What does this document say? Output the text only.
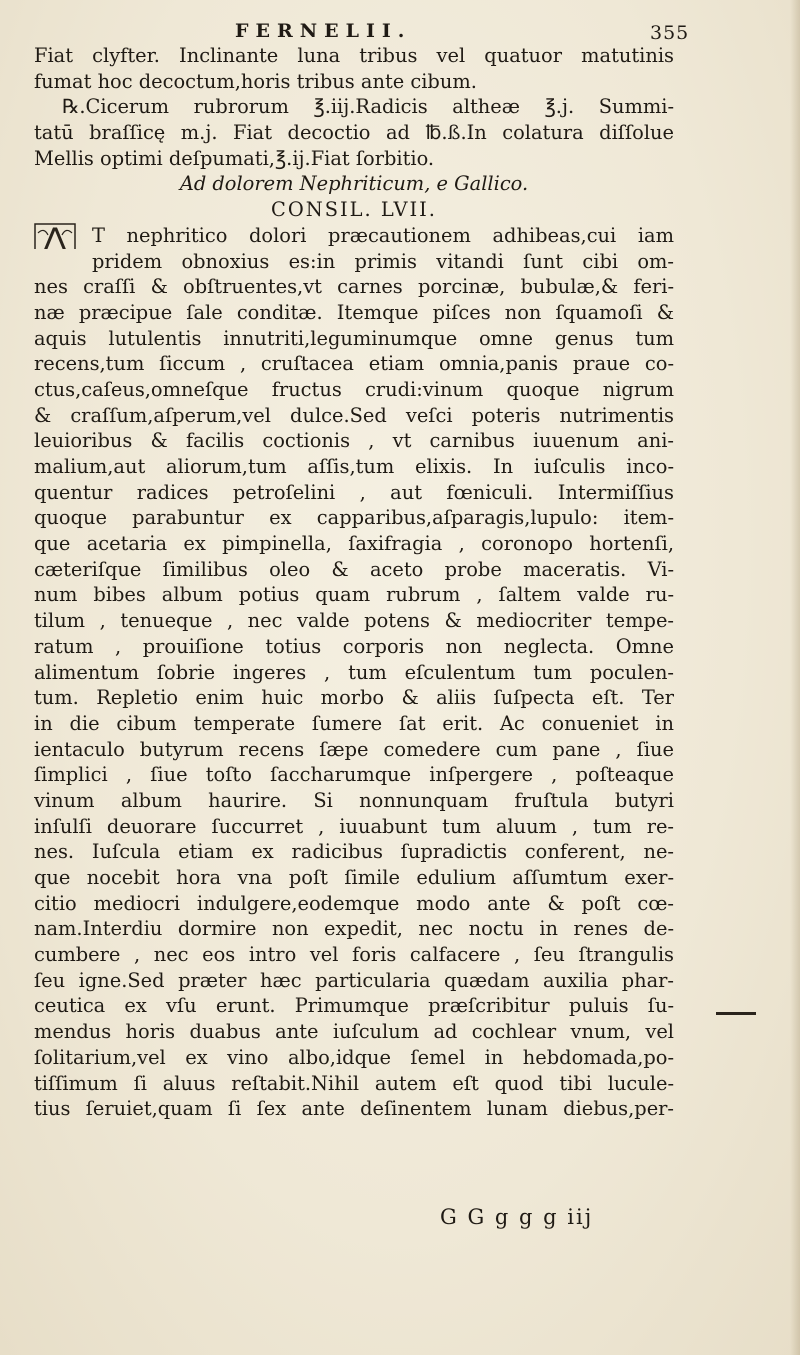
FERNELII.	355
Fiat clyfter. Inclinante luna tribus vel quatuor matutinis
fumat hoc decoctum,horis tribus ante cibum.
℞.Cicerum rubrorum ℥.iij.Radicis altheæ ℥.j. Summi-
tatū braſſicę m.j. Fiat decoctio ad ℔.ß.In colatura diſſolue
Mellis optimi deſpumati,℥.ij.Fiat ſorbitio.
Ad dolorem Nephriticum, e Gallico.
CONSIL. LVII.
T nephritico dolori præcautionem adhibeas,cui iam
pridem obnoxius es:in primis vitandi ſunt cibi om-
nes craſſi & obſtruentes,vt carnes porcinæ, bubulæ,& feri-
næ præcipue ſale conditæ. Itemque piſces non ſquamoſi &
aquis lutulentis innutriti,leguminumque omne genus tum
recens,tum ſiccum , cruſtacea etiam omnia,panis praue co-
ctus,caſeus,omneſque fructus crudi:vinum quoque nigrum
& craſſum,aſperum,vel dulce.Sed veſci poteris nutrimentis
leuioribus & facilis coctionis , vt carnibus iuuenum ani-
malium,aut aliorum,tum aſſis,tum elixis. In iuſculis inco-
quentur radices petroſelini , aut fœniculi. Intermiſſius
quoque parabuntur ex capparibus,aſparagis,lupulo: item-
que acetaria ex pimpinella, ſaxifragia , coronopo hortenſi,
cæteriſque ſimilibus oleo & aceto probe maceratis. Vi-
num bibes album potius quam rubrum , ſaltem valde ru-
tilum , tenueque , nec valde potens & mediocriter tempe-
ratum , prouiſione totius corporis non neglecta. Omne
alimentum ſobrie ingeres , tum eſculentum tum poculen-
tum. Repletio enim huic morbo & aliis ſuſpecta eſt. Ter
in die cibum temperate ſumere ſat erit. Ac conueniet in
ientaculo butyrum recens ſæpe comedere cum pane , ſiue
ſimplici , ſiue toſto ſaccharumque inſpergere , poſteaque
vinum album haurire. Si nonnunquam fruſtula butyri
inſulſi deuorare ſuccurret , iuuabunt tum aluum , tum re-
nes. Iuſcula etiam ex radicibus ſupradictis conferent, ne-
que nocebit hora vna poſt ſimile edulium aſſumtum exer-
citio mediocri indulgere,eodemque modo ante & poſt cœ-
nam.Interdiu dormire non expedit, nec noctu in renes de-
cumbere , nec eos intro vel foris calfacere , ſeu ſtrangulis
ſeu igne.Sed præter hæc particularia quædam auxilia phar-
ceutica ex vſu erunt. Primumque præſcribitur puluis ſu-
mendus horis duabus ante iuſculum ad cochlear vnum, vel
ſolitarium,vel ex vino albo,idque ſemel in hebdomada,po-
tiſſimum ſi aluus reſtabit.Nihil autem eſt quod tibi lucule-
tius ſeruiet,quam ſi ſex ante deſinentem lunam diebus,per-
G G g g g iij
